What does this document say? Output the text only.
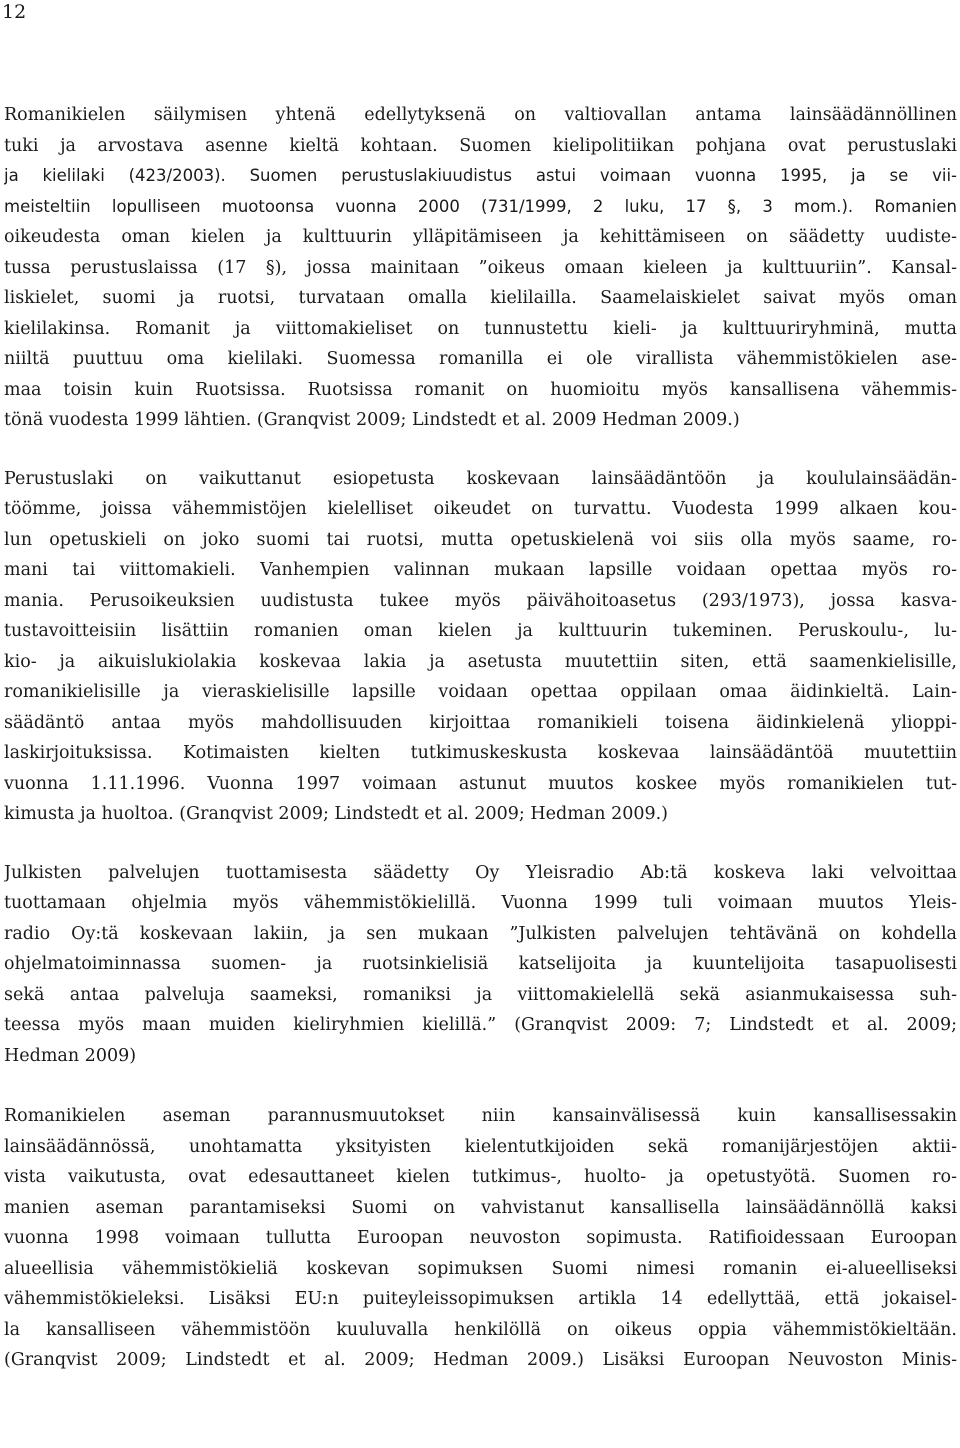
12
Romanikielen säilymisen yhtenä edellytyksenä on valtiovallan antama lainsäädännöllinen
tuki ja arvostava asenne kieltä kohtaan. Suomen kielipolitiikan pohjana ovat perustuslaki
ja kielilaki (423/2003). Suomen perustuslakiuudistus astui voimaan vuonna 1995, ja se vii-
meisteltiin lopulliseen muotoonsa vuonna 2000 (731/1999, 2 luku, 17 §, 3 mom.). Romanien
oikeudesta oman kielen ja kulttuurin ylläpitämiseen ja kehittämiseen on säädetty uudiste-
tussa perustuslaissa (17 §), jossa mainitaan ”oikeus omaan kieleen ja kulttuuriin”. Kansal-
liskielet, suomi ja ruotsi, turvataan omalla kielilailla. Saamelaiskielet saivat myös oman
kielilakinsa. Romanit ja viittomakieliset on tunnustettu kieli- ja kulttuuriryhminä, mutta
niiltä puuttuu oma kielilaki. Suomessa romanilla ei ole virallista vähemmistökielen ase-
maa toisin kuin Ruotsissa. Ruotsissa romanit on huomioitu myös kansallisena vähemmis-
tönä vuodesta 1999 lähtien. (Granqvist 2009; Lindstedt et al. 2009 Hedman 2009.)
Perustuslaki on vaikuttanut esiopetusta koskevaan lainsäädäntöön ja koululainsäädän-
töömme, joissa vähemmistöjen kielelliset oikeudet on turvattu. Vuodesta 1999 alkaen kou-
lun opetuskieli on joko suomi tai ruotsi, mutta opetuskielenä voi siis olla myös saame, ro-
mani tai viittomakieli. Vanhempien valinnan mukaan lapsille voidaan opettaa myös ro-
mania. Perusoikeuksien uudistusta tukee myös päivähoitoasetus (293/1973), jossa kasva-
tustavoitteisiin lisättiin romanien oman kielen ja kulttuurin tukeminen. Peruskoulu-, lu-
kio- ja aikuislukiolakia koskevaa lakia ja asetusta muutettiin siten, että saamenkielisille,
romanikielisille ja vieraskielisille lapsille voidaan opettaa oppilaan omaa äidinkieltä. Lain-
säädäntö antaa myös mahdollisuuden kirjoittaa romanikieli toisena äidinkielenä ylioppi-
laskirjoituksissa. Kotimaisten kielten tutkimuskeskusta koskevaa lainsäädäntöä muutettiin
vuonna 1.11.1996. Vuonna 1997 voimaan astunut muutos koskee myös romanikielen tut-
kimusta ja huoltoa. (Granqvist 2009; Lindstedt et al. 2009; Hedman 2009.)
Julkisten palvelujen tuottamisesta säädetty Oy Yleisradio Ab:tä koskeva laki velvoittaa
tuottamaan ohjelmia myös vähemmistökielillä. Vuonna 1999 tuli voimaan muutos Yleis-
radio Oy:tä koskevaan lakiin, ja sen mukaan ”Julkisten palvelujen tehtävänä on kohdella
ohjelmatoiminnassa suomen- ja ruotsinkielisiä katselijoita ja kuuntelijoita tasapuolisesti
sekä antaa palveluja saameksi, romaniksi ja viittomakielellä sekä asianmukaisessa suh-
teessa myös maan muiden kieliryhmien kielillä.” (Granqvist 2009: 7; Lindstedt et al. 2009;
Hedman 2009)
Romanikielen aseman parannusmuutokset niin kansainvälisessä kuin kansallisessakin
lainsäädännössä, unohtamatta yksityisten kielentutkijoiden sekä romanijärjestöjen aktii-
vista vaikutusta, ovat edesauttaneet kielen tutkimus-, huolto- ja opetustyötä. Suomen ro-
manien aseman parantamiseksi Suomi on vahvistanut kansallisella lainsäädännöllä kaksi
vuonna 1998 voimaan tullutta Euroopan neuvoston sopimusta. Ratifioidessaan Euroopan
alueellisia vähemmistökieliä koskevan sopimuksen Suomi nimesi romanin ei-alueelliseksi
vähemmistökieleksi. Lisäksi EU:n puiteyleissopimuksen artikla 14 edellyttää, että jokaisel-
la kansalliseen vähemmistöön kuuluvalla henkilöllä on oikeus oppia vähemmistökieltään.
(Granqvist 2009; Lindstedt et al. 2009; Hedman 2009.) Lisäksi Euroopan Neuvoston Minis-
